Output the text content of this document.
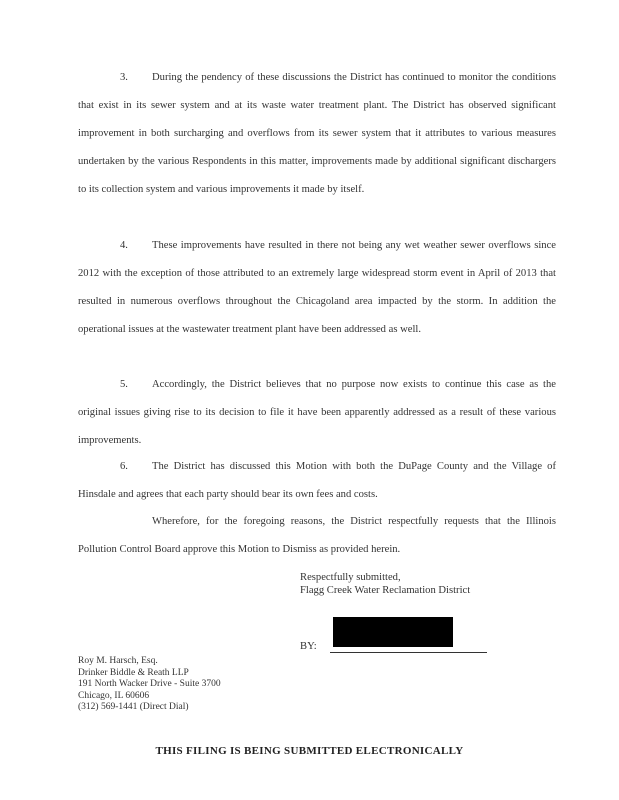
3. During the pendency of these discussions the District has continued to monitor the conditions that exist in its sewer system and at its waste water treatment plant. The District has observed significant improvement in both surcharging and overflows from its sewer system that it attributes to various measures undertaken by the various Respondents in this matter, improvements made by additional significant dischargers to its collection system and various improvements it made by itself.

4. These improvements have resulted in there not being any wet weather sewer overflows since 2012 with the exception of those attributed to an extremely large widespread storm event in April of 2013 that resulted in numerous overflows throughout the Chicagoland area impacted by the storm. In addition the operational issues at the wastewater treatment plant have been addressed as well.

5. Accordingly, the District believes that no purpose now exists to continue this case as the original issues giving rise to its decision to file it have been apparently addressed as a result of these various improvements.

6. The District has discussed this Motion with both the DuPage County and the Village of Hinsdale and agrees that each party should bear its own fees and costs.

Wherefore, for the foregoing reasons, the District respectfully requests that the Illinois Pollution Control Board approve this Motion to Dismiss as provided herein.

Respectfully submitted,
Flagg Creek Water Reclamation District
BY:
Roy M. Harsch, Esq.
Drinker Biddle & Reath LLP
191 North Wacker Drive - Suite 3700
Chicago, IL 60606
(312) 569-1441 (Direct Dial)
THIS FILING IS BEING SUBMITTED ELECTRONICALLY
